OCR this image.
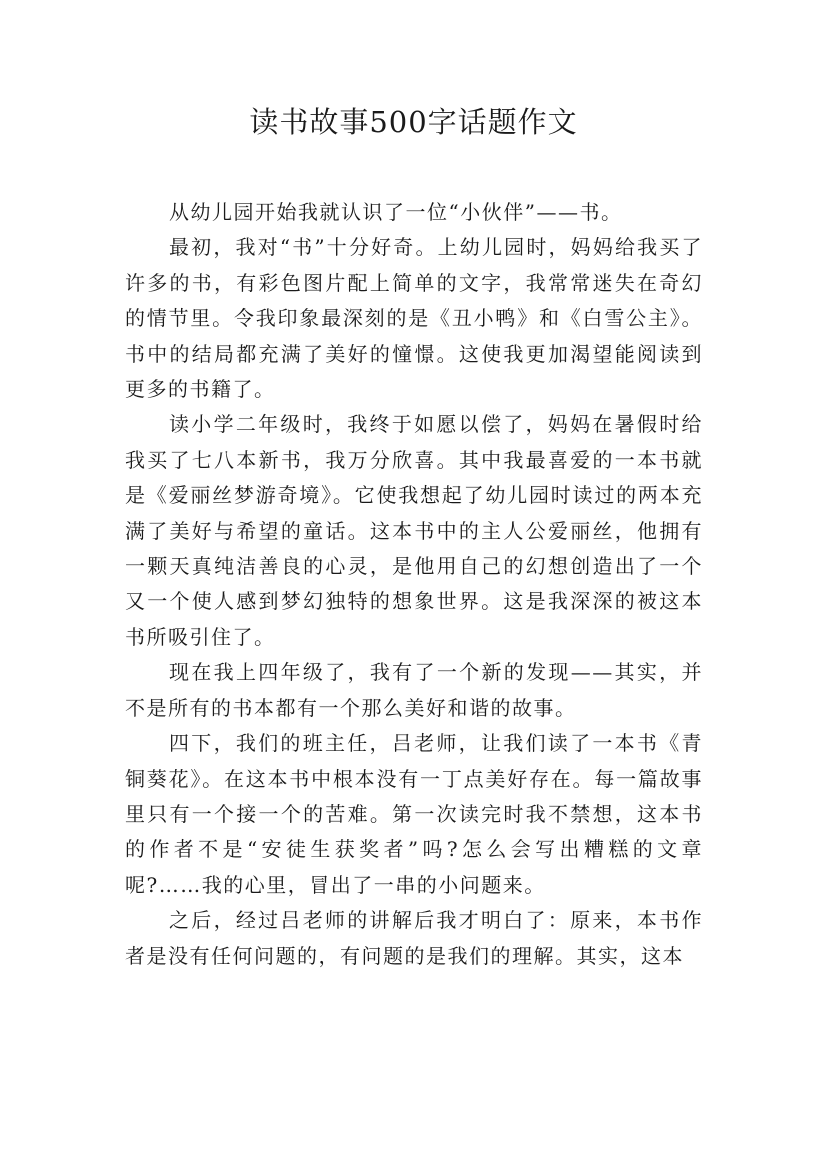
读书故事500字话题作文

从幼儿园开始我就认识了一位“小伙伴”——书。

最初，我对“书”十分好奇。上幼儿园时，妈妈给我买了许多的书，有彩色图片配上简单的文字，我常常迷失在奇幻的情节里。令我印象最深刻的是《丑小鸭》和《白雪公主》。书中的结局都充满了美好的憧憬。这使我更加渴望能阅读到更多的书籍了。

读小学二年级时，我终于如愿以偿了，妈妈在暑假时给我买了七八本新书，我万分欣喜。其中我最喜爱的一本书就是《爱丽丝梦游奇境》。它使我想起了幼儿园时读过的两本充满了美好与希望的童话。这本书中的主人公爱丽丝，他拥有一颗天真纯洁善良的心灵，是他用自己的幻想创造出了一个又一个使人感到梦幻独特的想象世界。这是我深深的被这本书所吸引住了。

现在我上四年级了，我有了一个新的发现——其实，并不是所有的书本都有一个那么美好和谐的故事。

四下，我们的班主任，吕老师，让我们读了一本书《青铜葵花》。在这本书中根本没有一丁点美好存在。每一篇故事里只有一个接一个的苦难。第一次读完时我不禁想，这本书的作者不是“安徒生获奖者”吗?怎么会写出糟糕的文章呢?……我的心里，冒出了一串的小问题来。

之后，经过吕老师的讲解后我才明白了：原来，本书作者是没有任何问题的，有问题的是我们的理解。其实，这本
